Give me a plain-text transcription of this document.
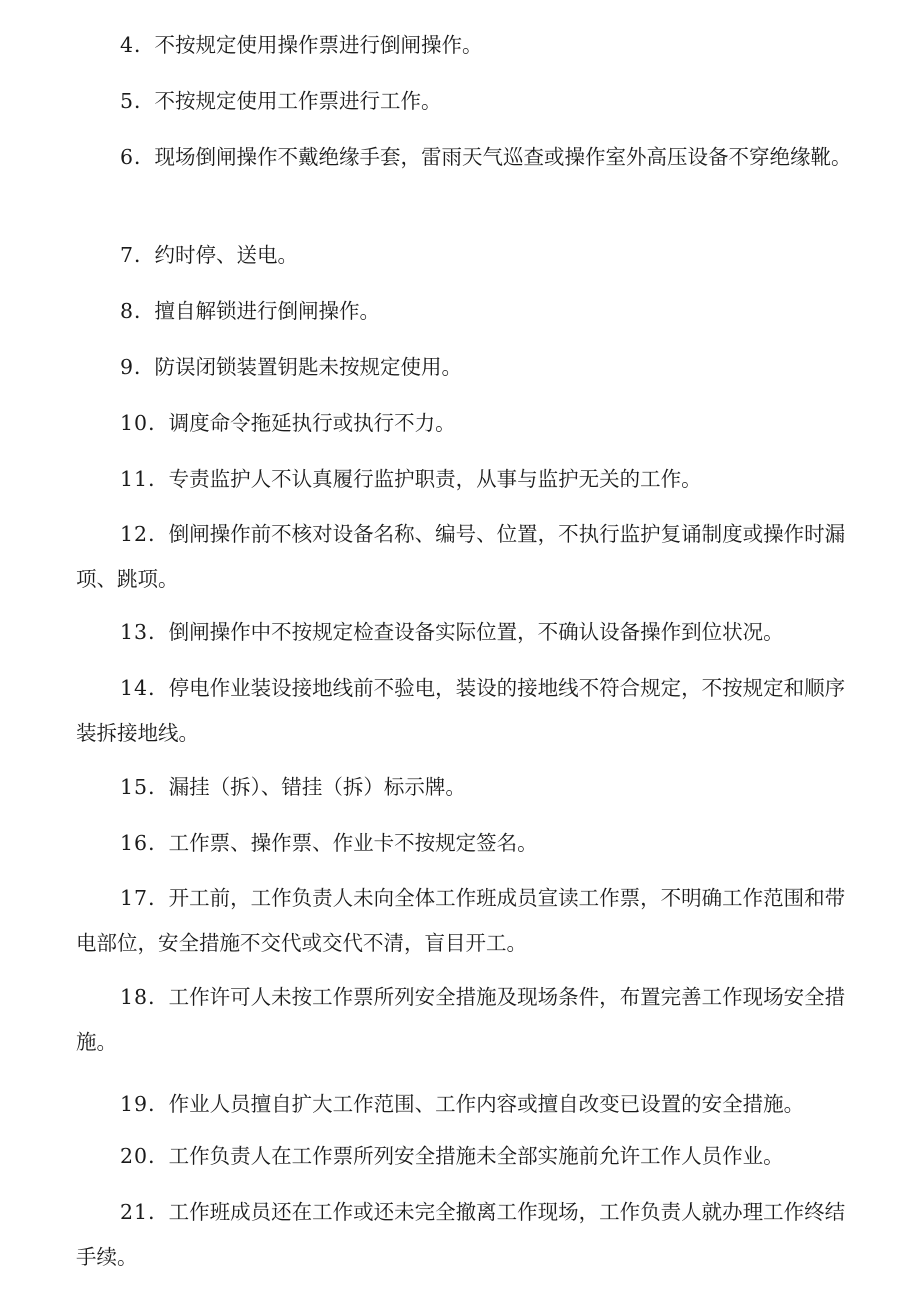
4．不按规定使用操作票进行倒闸操作。

5．不按规定使用工作票进行工作。

6．现场倒闸操作不戴绝缘手套，雷雨天气巡查或操作室外高压设备不穿绝缘靴。

7．约时停、送电。

8．擅自解锁进行倒闸操作。

9．防误闭锁装置钥匙未按规定使用。

10．调度命令拖延执行或执行不力。

11．专责监护人不认真履行监护职责，从事与监护无关的工作。

12．倒闸操作前不核对设备名称、编号、位置，不执行监护复诵制度或操作时漏项、跳项。

13．倒闸操作中不按规定检查设备实际位置，不确认设备操作到位状况。

14．停电作业装设接地线前不验电，装设的接地线不符合规定，不按规定和顺序装拆接地线。

15．漏挂（拆）、错挂（拆）标示牌。

16．工作票、操作票、作业卡不按规定签名。

17．开工前，工作负责人未向全体工作班成员宣读工作票，不明确工作范围和带电部位，安全措施不交代或交代不清，盲目开工。

18．工作许可人未按工作票所列安全措施及现场条件，布置完善工作现场安全措施。

19．作业人员擅自扩大工作范围、工作内容或擅自改变已设置的安全措施。

20．工作负责人在工作票所列安全措施未全部实施前允许工作人员作业。

21．工作班成员还在工作或还未完全撤离工作现场，工作负责人就办理工作终结手续。
